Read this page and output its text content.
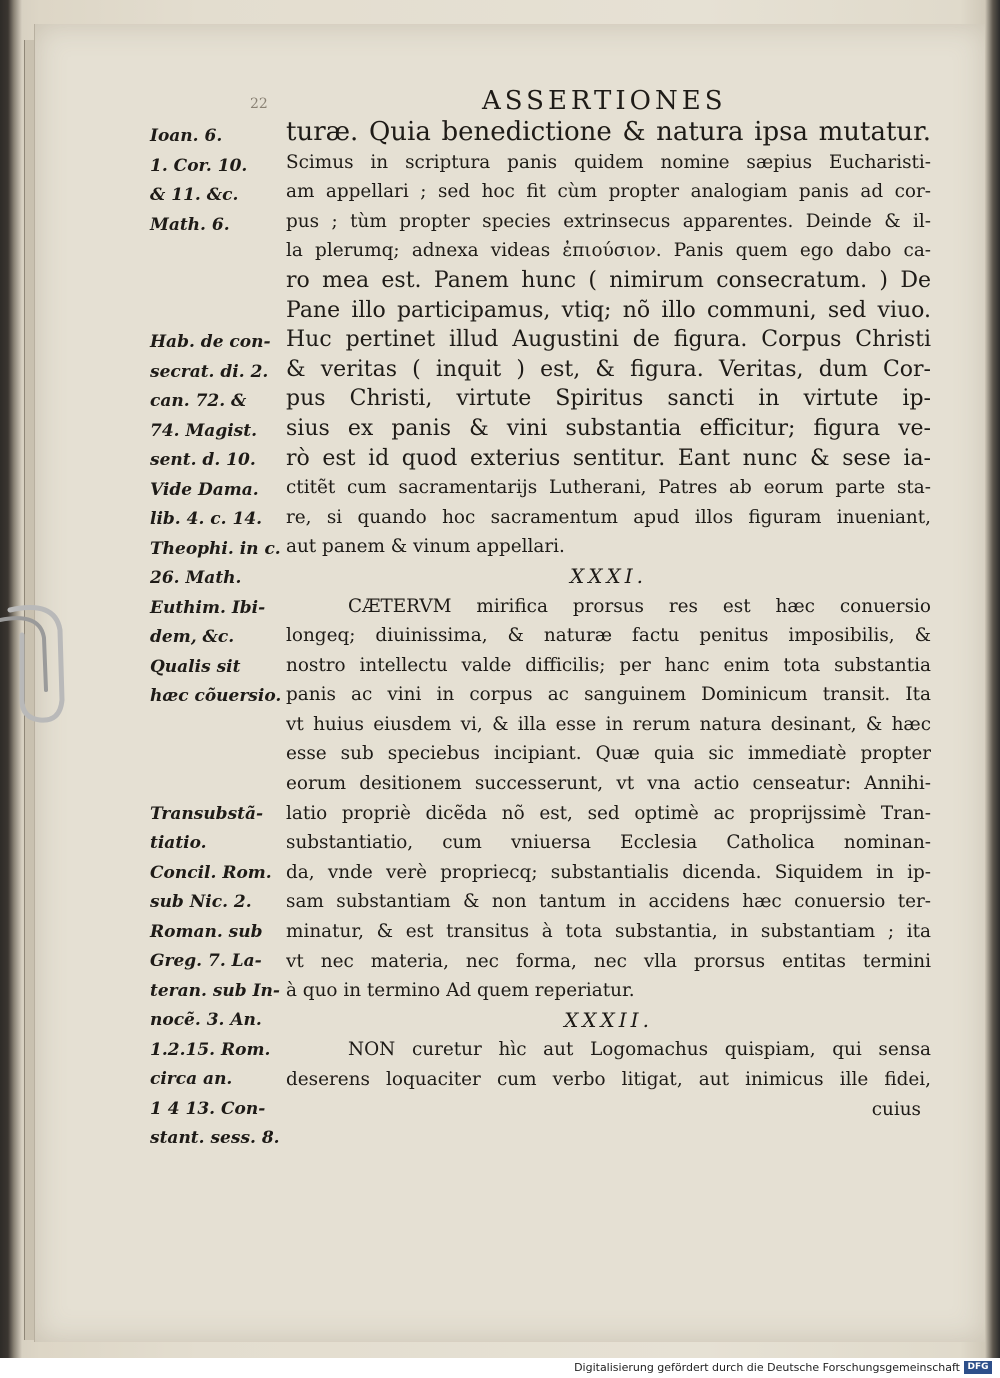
22	ASSERTIONES
Ioan. 6.
1. Cor. 10.
& 11. &c.
Math. 6.
Hab. de con-
secrat. di. 2.
can. 72. &
74. Magist.
sent. d. 10.
Vide Dama.
lib. 4. c. 14.
Theophi. in c.
26. Math.
Euthim. Ibi-
dem, &c.
Qualis sit
hæc cõuersio.
Transubstã-
tiatio.
Concil. Rom.
sub Nic. 2.
Roman. sub
Greg. 7. La-
teran. sub In-
nocẽ. 3. An.
1.2.15. Rom.
circa an.
1 4 13. Con-
stant. sess. 8.
turæ. Quia benedictione & natura ipsa mutatur.
Scimus in scriptura panis quidem nomine sæpius Eucharisti-
am appellari ; sed hoc fit cùm propter analogiam panis ad cor-
pus ; tùm propter species extrinsecus apparentes. Deinde & il-
la plerumq; adnexa videas ἐπιούσιον. Panis quem ego dabo ca-
ro mea est. Panem hunc ( nimirum consecratum. ) De
Pane illo participamus, vtiq; nõ illo communi, sed viuo.
Huc pertinet illud Augustini de figura. Corpus Christi
& veritas ( inquit ) est, & figura. Veritas, dum Cor-
pus Christi, virtute Spiritus sancti in virtute ip-
sius ex panis & vini substantia efficitur; figura ve-
rò est id quod exterius sentitur. Eant nunc & sese ia-
ctitẽt cum sacramentarijs Lutherani, Patres ab eorum parte sta-
re, si quando hoc sacramentum apud illos figuram inueniant,
aut panem & vinum appellari.
XXXI.
CÆTERVM mirifica prorsus res est hæc conuersio
longeq; diuinissima, & naturæ factu penitus imposibilis, &
nostro intellectu valde difficilis; per hanc enim tota substantia
panis ac vini in corpus ac sanguinem Dominicum transit. Ita
vt huius eiusdem vi, & illa esse in rerum natura desinant, & hæc
esse sub speciebus incipiant. Quæ quia sic immediatè propter
eorum desitionem successerunt, vt vna actio censeatur: Annihi-
latio propriè dicẽda nõ est, sed optimè ac proprijssimè Tran-
substantiatio, cum vniuersa Ecclesia Catholica nominan-
da, vnde verè propriecq; substantialis dicenda. Siquidem in ip-
sam substantiam & non tantum in accidens hæc conuersio ter-
minatur, & est transitus à tota substantia, in substantiam ; ita
vt nec materia, nec forma, nec vlla prorsus entitas termini
à quo in termino Ad quem reperiatur.
XXXII.
NON curetur hìc aut Logomachus quispiam, qui sensa
deserens loquaciter cum verbo litigat, aut inimicus ille fidei,
cuius
Digitalisierung gefördert durch die Deutsche Forschungsgemeinschaft DFG
